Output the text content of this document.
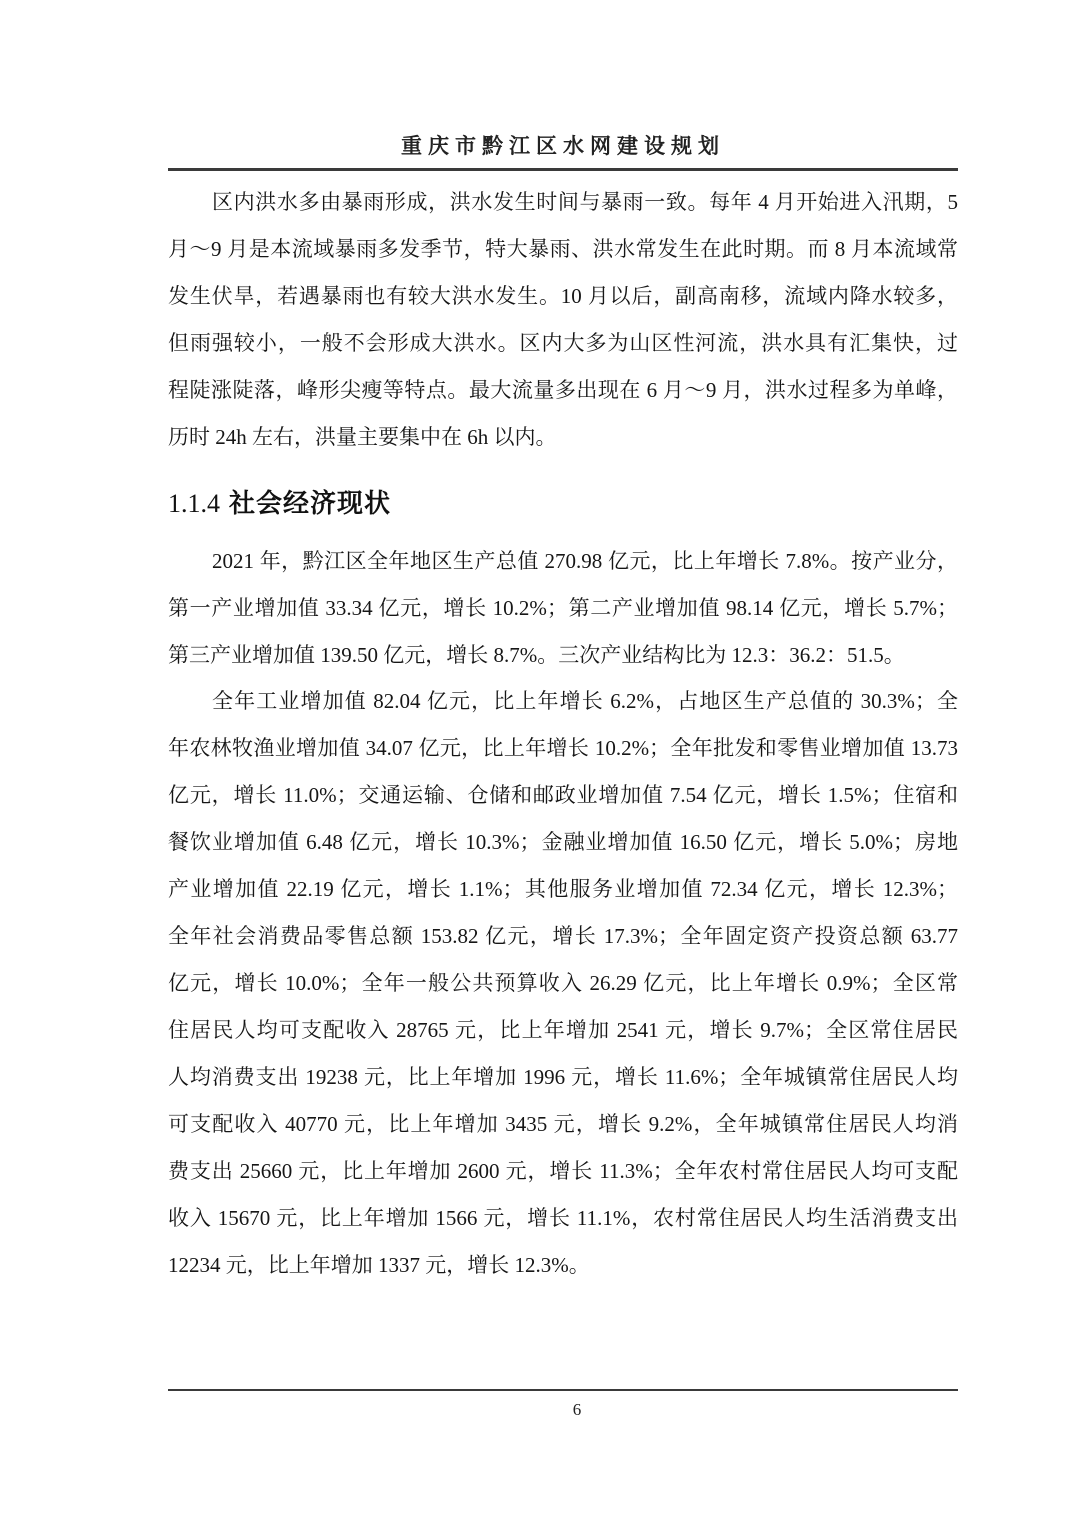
重庆市黔江区水网建设规划
区内洪水多由暴雨形成，洪水发生时间与暴雨一致。每年 4 月开始进入汛期，5
月～9 月是本流域暴雨多发季节，特大暴雨、洪水常发生在此时期。而 8 月本流域常
发生伏旱，若遇暴雨也有较大洪水发生。10 月以后，副高南移，流域内降水较多，
但雨强较小，一般不会形成大洪水。区内大多为山区性河流，洪水具有汇集快，过
程陡涨陡落，峰形尖瘦等特点。最大流量多出现在 6 月～9 月，洪水过程多为单峰，
历时 24h 左右，洪量主要集中在 6h 以内。
1.1.4 社会经济现状
2021 年，黔江区全年地区生产总值 270.98 亿元，比上年增长 7.8%。按产业分，
第一产业增加值 33.34 亿元，增长 10.2%；第二产业增加值 98.14 亿元，增长 5.7%；
第三产业增加值 139.50 亿元，增长 8.7%。三次产业结构比为 12.3：36.2：51.5。
全年工业增加值 82.04 亿元，比上年增长 6.2%，占地区生产总值的 30.3%；全
年农林牧渔业增加值 34.07 亿元，比上年增长 10.2%；全年批发和零售业增加值 13.73
亿元，增长 11.0%；交通运输、仓储和邮政业增加值 7.54 亿元，增长 1.5%；住宿和
餐饮业增加值 6.48 亿元，增长 10.3%；金融业增加值 16.50 亿元，增长 5.0%；房地
产业增加值 22.19 亿元，增长 1.1%；其他服务业增加值 72.34 亿元，增长 12.3%；
全年社会消费品零售总额 153.82 亿元，增长 17.3%；全年固定资产投资总额 63.77
亿元，增长 10.0%；全年一般公共预算收入 26.29 亿元，比上年增长 0.9%；全区常
住居民人均可支配收入 28765 元，比上年增加 2541 元，增长 9.7%；全区常住居民
人均消费支出 19238 元，比上年增加 1996 元，增长 11.6%；全年城镇常住居民人均
可支配收入 40770 元，比上年增加 3435 元，增长 9.2%，全年城镇常住居民人均消
费支出 25660 元，比上年增加 2600 元，增长 11.3%；全年农村常住居民人均可支配
收入 15670 元，比上年增加 1566 元，增长 11.1%，农村常住居民人均生活消费支出
12234 元，比上年增加 1337 元，增长 12.3%。
6
